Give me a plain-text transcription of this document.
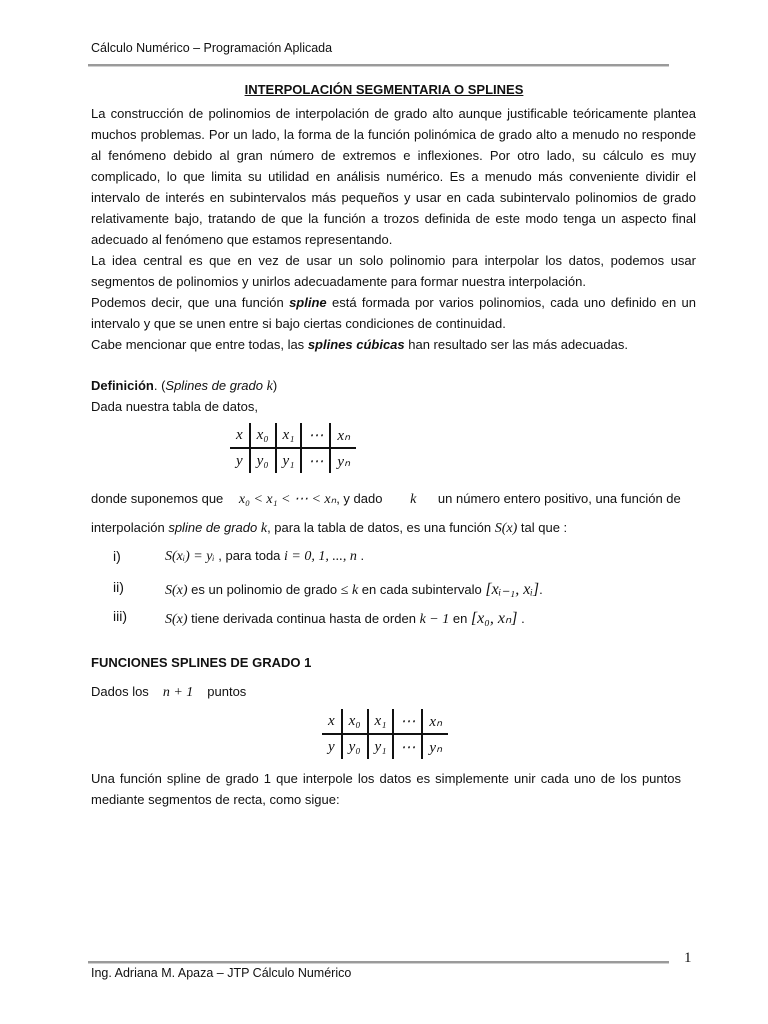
Cálculo Numérico – Programación Aplicada
INTERPOLACIÓN SEGMENTARIA O SPLINES

La construcción de polinomios de interpolación de grado alto aunque justificable teóricamente plantea muchos problemas. Por un lado, la forma de la función polinómica de grado alto a menudo no responde al fenómeno debido al gran número de extremos e inflexiones. Por otro lado, su cálculo es muy complicado, lo que limita su utilidad en análisis numérico. Es a menudo más conveniente dividir el intervalo de interés en subintervalos más pequeños y usar en cada subintervalo polinomios de grado relativamente bajo, tratando de que la función a trozos definida de este modo tenga un aspecto final adecuado al fenómeno que estamos representando.

La idea central es que en vez de usar un solo polinomio para interpolar los datos, podemos usar segmentos de polinomios y unirlos adecuadamente para formar nuestra interpolación.

Podemos decir, que una función spline está formada por varios polinomios, cada uno definido en un intervalo y que se unen entre si bajo ciertas condiciones de continuidad.

Cabe mencionar que entre todas, las splines cúbicas han resultado ser las más adecuadas.

Definición. (Splines de grado k)
Dada nuestra tabla de datos,
x	x₀	x₁	⋯	xₙ
y	y₀	y₁	⋯	yₙ
donde suponemos que x₀ < x₁ < ⋯ < xₙ, y dado k un número entero positivo, una función de
interpolación spline de grado k, para la tabla de datos, es una función S(x) tal que :
i)	S(xᵢ) = yᵢ , para toda i = 0, 1, ..., n .
ii)	S(x) es un polinomio de grado ≤ k en cada subintervalo [xᵢ₋₁, xᵢ].
iii)	S(x) tiene derivada continua hasta de orden k − 1 en [x₀, xₙ] .
FUNCIONES SPLINES DE GRADO 1
Dados los n + 1 puntos
x	x₀	x₁	⋯	xₙ
y	y₀	y₁	⋯	yₙ

Una función spline de grado 1 que interpole los datos es simplemente unir cada uno de los puntos mediante segmentos de recta, como sigue:

1
Ing. Adriana M. Apaza – JTP Cálculo Numérico
